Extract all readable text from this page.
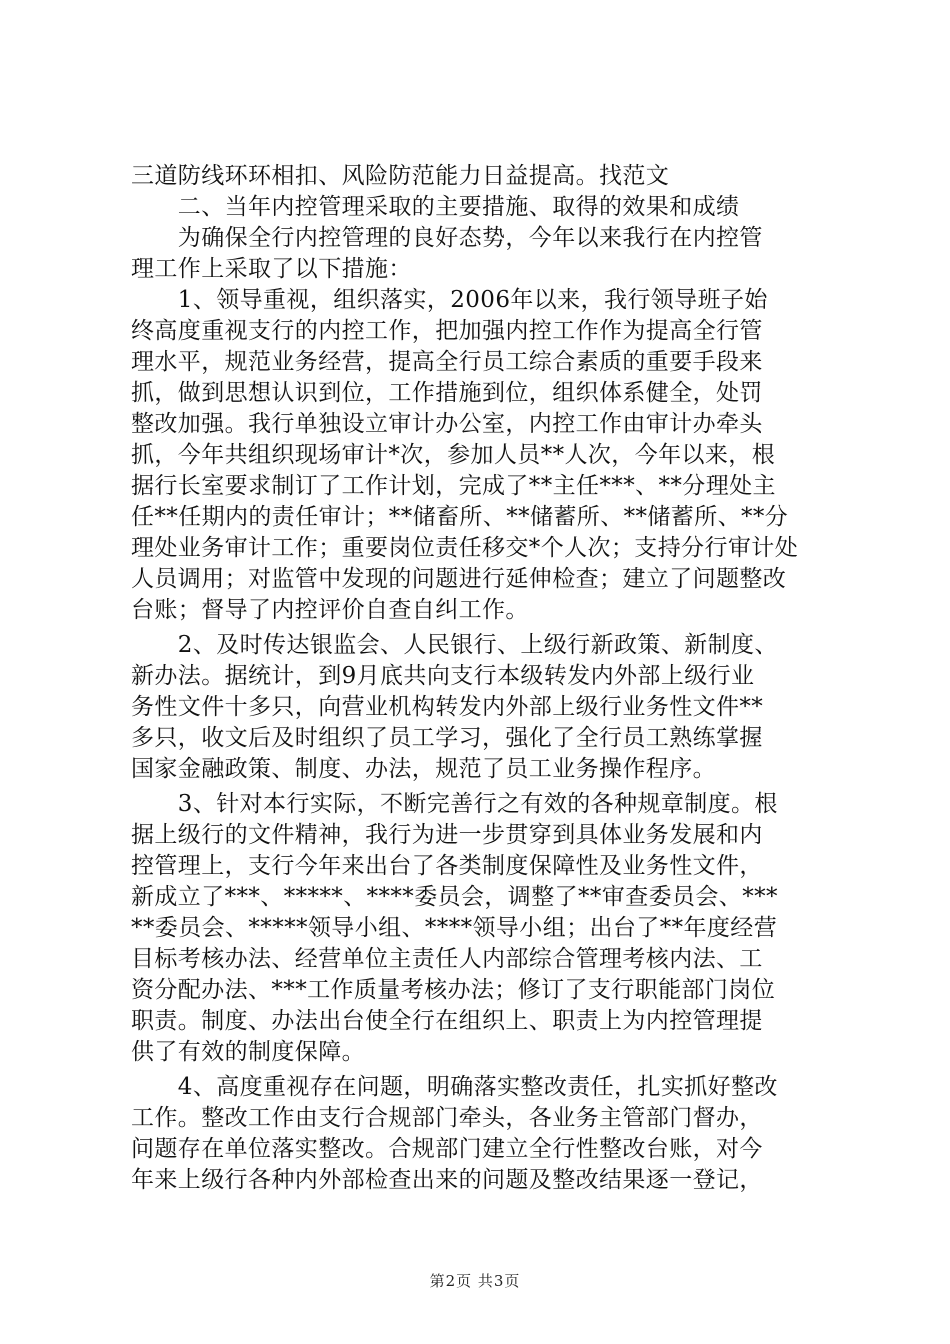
三道防线环环相扣、风险防范能力日益提高。找范文
　　二、当年内控管理采取的主要措施、取得的效果和成绩
　　为确保全行内控管理的良好态势，今年以来我行在内控管
理工作上采取了以下措施：
　　1、领导重视，组织落实，2006年以来，我行领导班子始
终高度重视支行的内控工作，把加强内控工作作为提高全行管
理水平，规范业务经营，提高全行员工综合素质的重要手段来
抓，做到思想认识到位，工作措施到位，组织体系健全，处罚
整改加强。我行单独设立审计办公室，内控工作由审计办牵头
抓，今年共组织现场审计*次，参加人员**人次，今年以来，根
据行长室要求制订了工作计划，完成了**主任***、**分理处主
任**任期内的责任审计；**储畜所、**储蓄所、**储蓄所、**分
理处业务审计工作；重要岗位责任移交*个人次；支持分行审计处
人员调用；对监管中发现的问题进行延伸检查；建立了问题整改
台账；督导了内控评价自查自纠工作。
　　2、及时传达银监会、人民银行、上级行新政策、新制度、
新办法。据统计，到9月底共向支行本级转发内外部上级行业
务性文件十多只，向营业机构转发内外部上级行业务性文件**
多只，收文后及时组织了员工学习，强化了全行员工熟练掌握
国家金融政策、制度、办法，规范了员工业务操作程序。
　　3、针对本行实际，不断完善行之有效的各种规章制度。根
据上级行的文件精神，我行为进一步贯穿到具体业务发展和内
控管理上，支行今年来出台了各类制度保障性及业务性文件，
新成立了***、*****、****委员会，调整了**审查委员会、***
**委员会、*****领导小组、****领导小组；出台了**年度经营
目标考核办法、经营单位主责任人内部综合管理考核内法、工
资分配办法、***工作质量考核办法；修订了支行职能部门岗位
职责。制度、办法出台使全行在组织上、职责上为内控管理提
供了有效的制度保障。
　　4、高度重视存在问题，明确落实整改责任，扎实抓好整改
工作。整改工作由支行合规部门牵头，各业务主管部门督办，
问题存在单位落实整改。合规部门建立全行性整改台账，对今
年来上级行各种内外部检查出来的问题及整改结果逐一登记，
第2页 共3页
